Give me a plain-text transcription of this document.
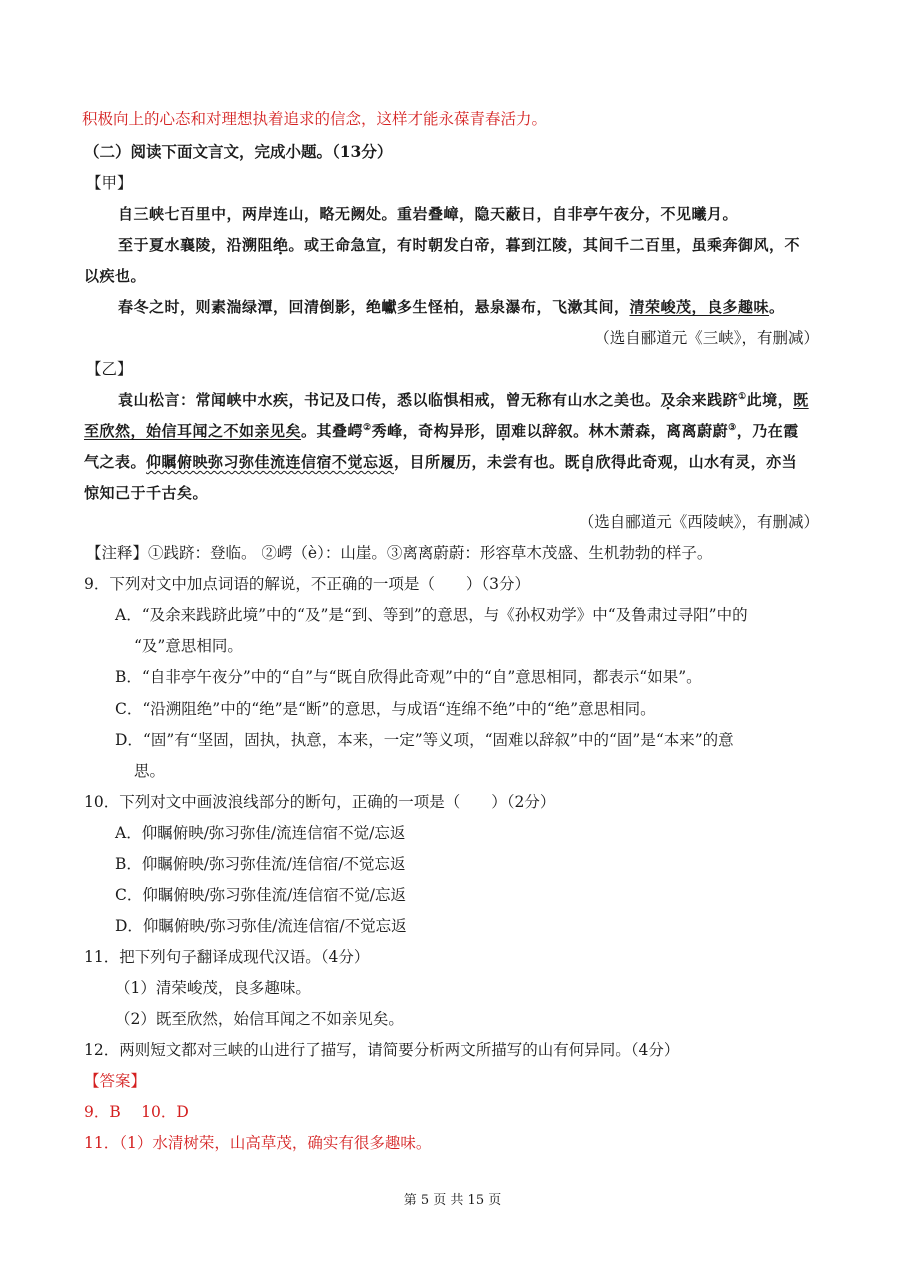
积极向上的心态和对理想执着追求的信念，这样才能永葆青春活力。
（二）阅读下面文言文，完成小题。（13分）
【甲】
自三峡七百里中，两岸连山，略无阙处。重岩叠嶂，隐天蔽日，自非亭午夜分，不见曦月。
至于夏水襄陵，沿溯阻绝。或王命急宣，有时朝发白帝，暮到江陵，其间千二百里，虽乘奔御风，不
以疾也。
春冬之时，则素湍绿潭，回清倒影，绝巘多生怪柏，悬泉瀑布，飞漱其间，清荣峻茂，良多趣味。
（选自郦道元《三峡》，有删减）
【乙】
袁山松言：常闻峡中水疾，书记及口传，悉以临惧相戒，曾无称有山水之美也。及余来践跻①此境，既
至欣然，始信耳闻之不如亲见矣。其叠崿②秀峰，奇构异形，固难以辞叙。林木萧森，离离蔚蔚③，乃在霞
气之表。仰瞩俯映弥习弥佳流连信宿不觉忘返，目所履历，未尝有也。既自欣得此奇观，山水有灵，亦当
惊知己于千古矣。
（选自郦道元《西陵峡》，有删减）
【注释】①践跻：登临。 ②崿（è）：山崖。③离离蔚蔚：形容草木茂盛、生机勃勃的样子。
9．下列对文中加点词语的解说，不正确的一项是（　　）（3分）
A．“及余来践跻此境”中的“及”是“到、等到”的意思，与《孙权劝学》中“及鲁肃过寻阳”中的
“及”意思相同。
B．“自非亭午夜分”中的“自”与“既自欣得此奇观”中的“自”意思相同，都表示“如果”。
C．“沿溯阻绝”中的“绝”是“断”的意思，与成语“连绵不绝”中的“绝”意思相同。
D．“固”有“坚固，固执，执意，本来，一定”等义项，“固难以辞叙”中的“固”是“本来”的意
思。
10．下列对文中画波浪线部分的断句，正确的一项是（　　）（2分）
A．仰瞩俯映/弥习弥佳/流连信宿不觉/忘返
B．仰瞩俯映/弥习弥佳流/连信宿/不觉忘返
C．仰瞩俯映/弥习弥佳流/连信宿不觉/忘返
D．仰瞩俯映/弥习弥佳/流连信宿/不觉忘返
11．把下列句子翻译成现代汉语。（4分）
（1）清荣峻茂，良多趣味。
（2）既至欣然，始信耳闻之不如亲见矣。
12．两则短文都对三峡的山进行了描写，请简要分析两文所描写的山有何异同。（4分）
【答案】
9．B　 10．D
11．（1）水清树荣，山高草茂，确实有很多趣味。
第 5 页 共 15 页
